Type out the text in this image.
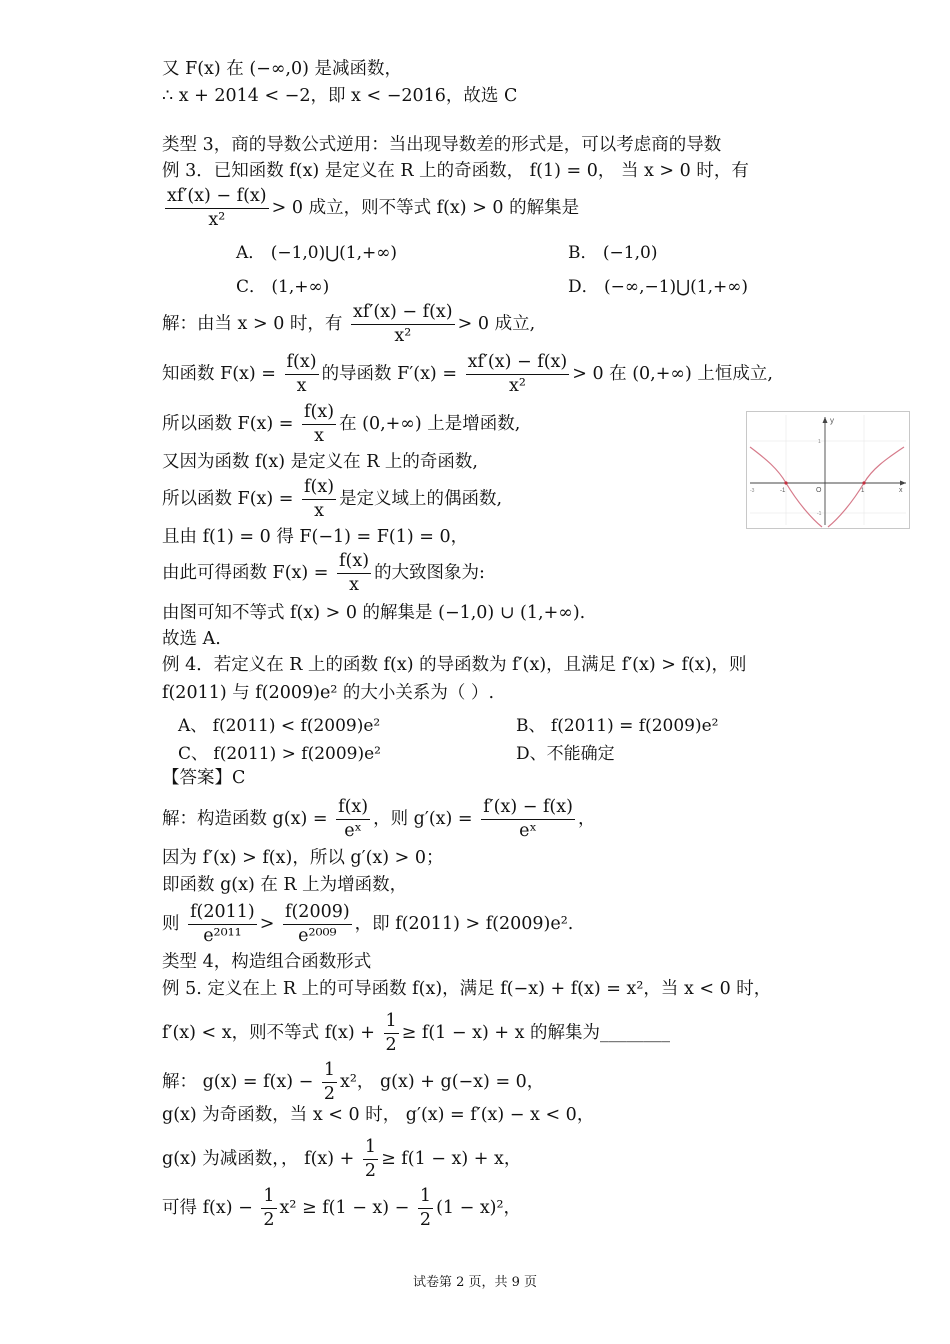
又 F(x) 在 (−∞,0) 是减函数，
∴ x + 2014 < −2，即 x < −2016，故选 C
类型 3，商的导数公式逆用：当出现导数差的形式是，可以考虑商的导数
例 3．已知函数 f(x) 是定义在 R 上的奇函数， f(1) = 0， 当 x > 0 时，有
$\frac{xf'(x) - f(x)}{\text{x²}} > 0$ 成立，则不等式 f(x) > 0 的解集是
A． (−1,0)⋃(1,+∞)	B． (−1,0)
C． (1,+∞)	D． (−∞,−1)⋃(1,+∞)
解：由当 x > 0 时，有 $\frac{xf'(x) - f(x)}{\text{x²}} > 0$ 成立,
知函数 $F(x) = \frac{f(x)}{x}$ 的导函数 $F'(x) = \frac{xf'(x) - f(x)}{\text{x²}} > 0$ 在 (0,+∞) 上恒成立,
所以函数 $F(x) = \frac{f(x)}{x}$ 在 (0,+∞) 上是增函数,
又因为函数 f(x) 是定义在 R 上的奇函数,
所以函数 $F(x) = \frac{f(x)}{x}$ 是定义域上的偶函数,
且由 f(1) = 0 得 F(−1) = F(1) = 0，
由此可得函数 $F(x) = \frac{f(x)}{x}$ 的大致图象为:
由图可知不等式 f(x) > 0 的解集是 (−1,0) ∪ (1,+∞).
故选 A.
例 4．若定义在 R 上的函数 f(x) 的导函数为 f′(x)，且满足 f′(x) > f(x)，则
f(2011) 与 f(2009)e² 的大小关系为（ ）.
A、 f(2011) < f(2009)e²	B、 f(2011) = f(2009)e²
C、 f(2011) > f(2009)e²	D、不能确定
【答案】C
解：构造函数 $g(x) = \frac{f(x)}{\text{eˣ}}$ ，则 $g'(x) = \frac{f'(x) - f(x)}{\text{eˣ}}$ ，
因为 f′(x) > f(x)，所以 g′(x) > 0；
即函数 g(x) 在 R 上为增函数，
则 $\frac{f(2011)}{\text{e²⁰¹¹}} > \frac{f(2009)}{\text{e²⁰⁰⁹}}$ ，即 f(2011) > f(2009)e².
类型 4，构造组合函数形式
例 5. 定义在上 R 上的可导函数 f(x)，满足 f(−x) + f(x) = x²，当 x < 0 时，
f′(x) < x，则不等式 $f(x) + \frac{1}{2} \ge f(1 - x) + x$ 的解集为________
解： $g(x) = f(x) - \frac{1}{2} x^2$， g(x) + g(−x) = 0，
g(x) 为奇函数，当 x < 0 时， g′(x) = f′(x) − x < 0，
g(x) 为减函数，， $f(x) + \frac{1}{2} \ge f(1 - x) + x$，
可得 $f(x) - \frac{1}{2} x^2 \ge f(1 - x) - \frac{1}{2} (1 - x)^2$，
y
x
O
-1	1
-3
1
-1
试卷第 2 页，共 9 页
